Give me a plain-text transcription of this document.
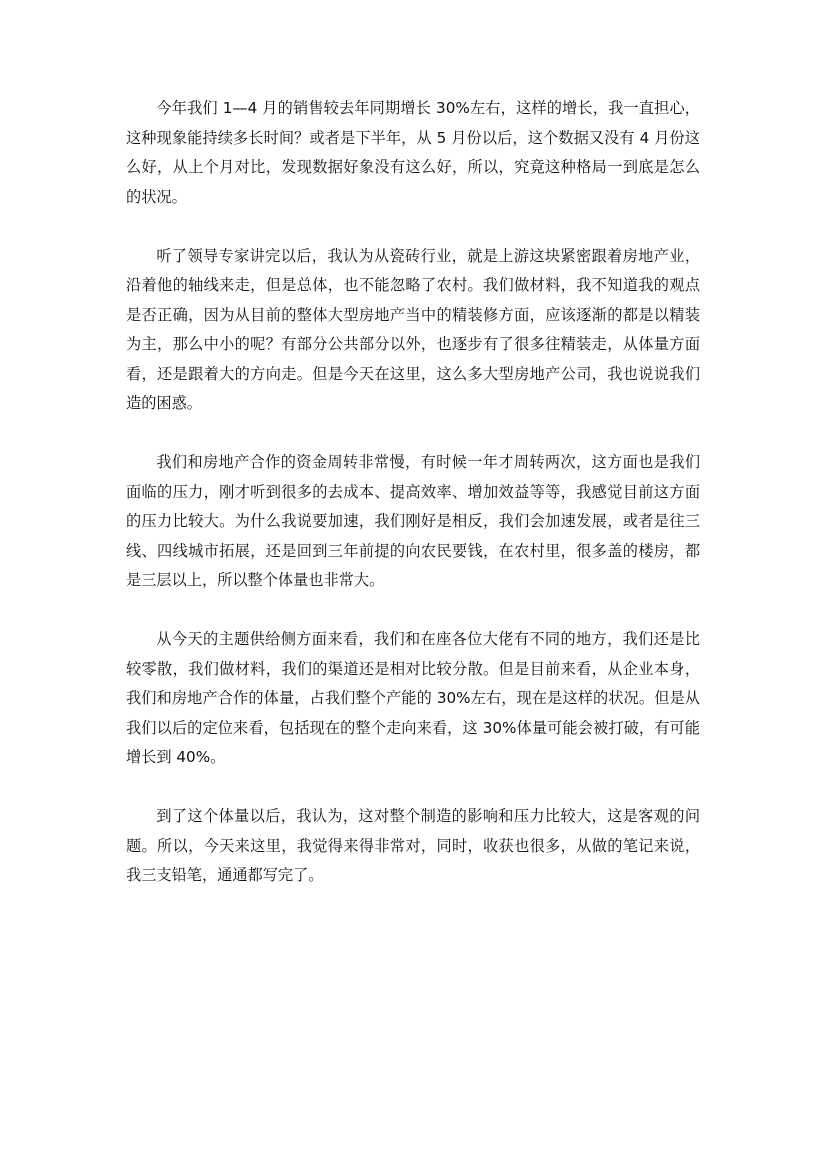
今年我们 1—4 月的销售较去年同期增长 30%左右，这样的增长，我一直担心，这种现象能持续多长时间？或者是下半年，从 5 月份以后，这个数据又没有 4 月份这么好，从上个月对比，发现数据好象没有这么好，所以，究竟这种格局一到底是怎么的状况。

听了领导专家讲完以后，我认为从瓷砖行业，就是上游这块紧密跟着房地产业，沿着他的轴线来走，但是总体，也不能忽略了农村。我们做材料，我不知道我的观点是否正确，因为从目前的整体大型房地产当中的精装修方面，应该逐渐的都是以精装为主，那么中小的呢？有部分公共部分以外，也逐步有了很多往精装走，从体量方面看，还是跟着大的方向走。但是今天在这里，这么多大型房地产公司，我也说说我们造的困惑。

我们和房地产合作的资金周转非常慢，有时候一年才周转两次，这方面也是我们面临的压力，刚才听到很多的去成本、提高效率、增加效益等等，我感觉目前这方面的压力比较大。为什么我说要加速，我们刚好是相反，我们会加速发展，或者是往三线、四线城市拓展，还是回到三年前提的向农民要钱，在农村里，很多盖的楼房，都是三层以上，所以整个体量也非常大。

从今天的主题供给侧方面来看，我们和在座各位大佬有不同的地方，我们还是比较零散，我们做材料，我们的渠道还是相对比较分散。但是目前来看，从企业本身，我们和房地产合作的体量，占我们整个产能的 30%左右，现在是这样的状况。但是从我们以后的定位来看，包括现在的整个走向来看，这 30%体量可能会被打破，有可能增长到 40%。

到了这个体量以后，我认为，这对整个制造的影响和压力比较大，这是客观的问题。所以，今天来这里，我觉得来得非常对，同时，收获也很多，从做的笔记来说，我三支铅笔，通通都写完了。
